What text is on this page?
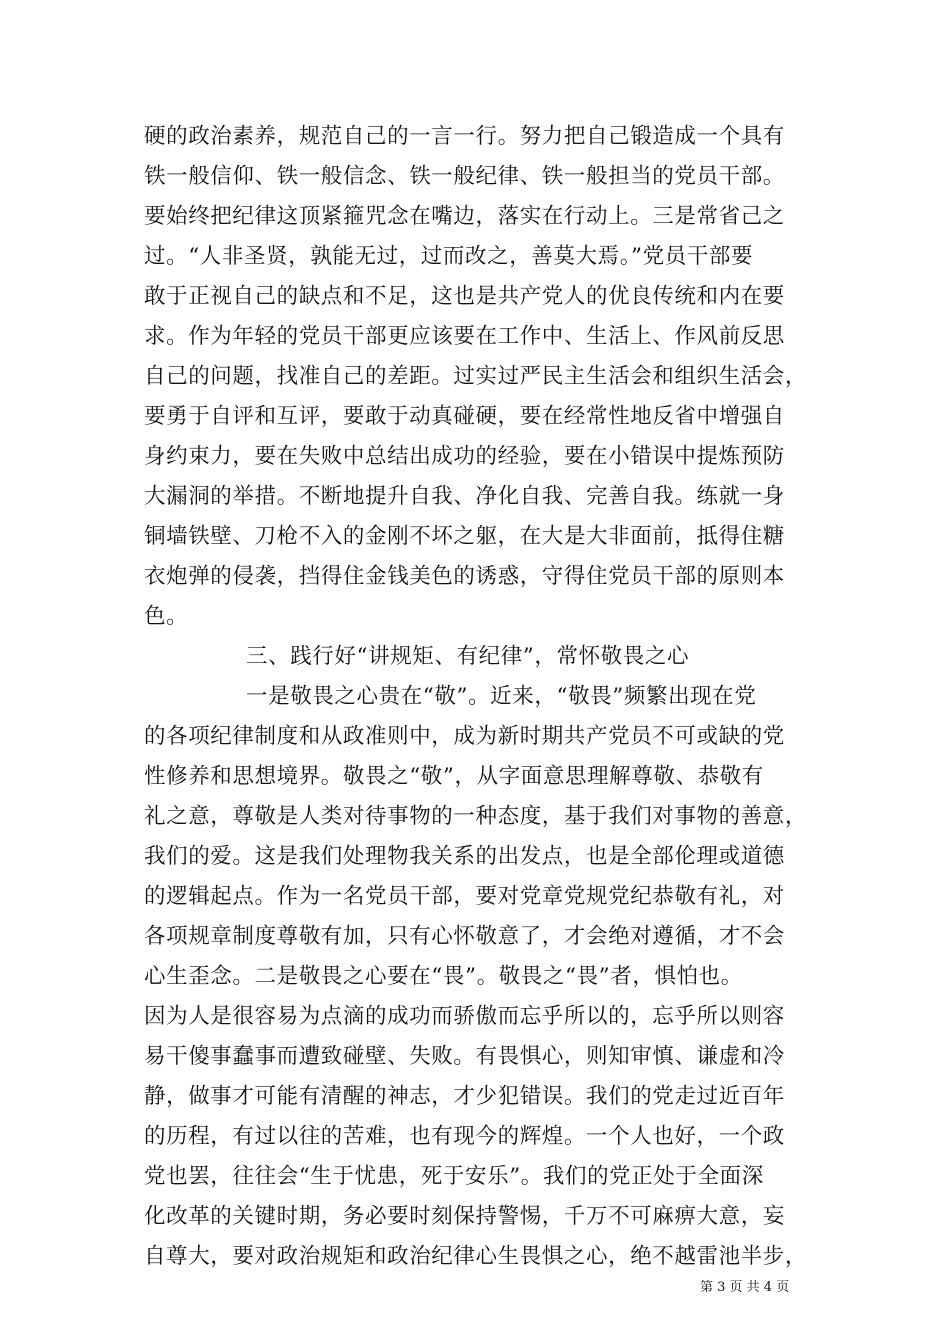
硬的政治素养，规范自己的一言一行。努力把自己锻造成一个具有
铁一般信仰、铁一般信念、铁一般纪律、铁一般担当的党员干部。
要始终把纪律这顶紧箍咒念在嘴边，落实在行动上。三是常省己之
过。“人非圣贤，孰能无过，过而改之，善莫大焉。”党员干部要
敢于正视自己的缺点和不足，这也是共产党人的优良传统和内在要
求。作为年轻的党员干部更应该要在工作中、生活上、作风前反思
自己的问题，找准自己的差距。过实过严民主生活会和组织生活会，
要勇于自评和互评，要敢于动真碰硬，要在经常性地反省中增强自
身约束力，要在失败中总结出成功的经验，要在小错误中提炼预防
大漏洞的举措。不断地提升自我、净化自我、完善自我。练就一身
铜墙铁壁、刀枪不入的金刚不坏之躯，在大是大非面前，抵得住糖
衣炮弹的侵袭，挡得住金钱美色的诱惑，守得住党员干部的原则本
色。
三、践行好“讲规矩、有纪律”，常怀敬畏之心
一是敬畏之心贵在“敬”。近来，“敬畏”频繁出现在党
的各项纪律制度和从政准则中，成为新时期共产党员不可或缺的党
性修养和思想境界。敬畏之“敬”，从字面意思理解尊敬、恭敬有
礼之意，尊敬是人类对待事物的一种态度，基于我们对事物的善意，
我们的爱。这是我们处理物我关系的出发点，也是全部伦理或道德
的逻辑起点。作为一名党员干部，要对党章党规党纪恭敬有礼，对
各项规章制度尊敬有加，只有心怀敬意了，才会绝对遵循，才不会
心生歪念。二是敬畏之心要在“畏”。敬畏之“畏”者，惧怕也。
因为人是很容易为点滴的成功而骄傲而忘乎所以的，忘乎所以则容
易干傻事蠢事而遭致碰壁、失败。有畏惧心，则知审慎、谦虚和冷
静，做事才可能有清醒的神志，才少犯错误。我们的党走过近百年
的历程，有过以往的苦难，也有现今的辉煌。一个人也好，一个政
党也罢，往往会“生于忧患，死于安乐”。我们的党正处于全面深
化改革的关键时期，务必要时刻保持警惕，千万不可麻痹大意，妄
自尊大，要对政治规矩和政治纪律心生畏惧之心，绝不越雷池半步，
第 3 页 共 4 页
